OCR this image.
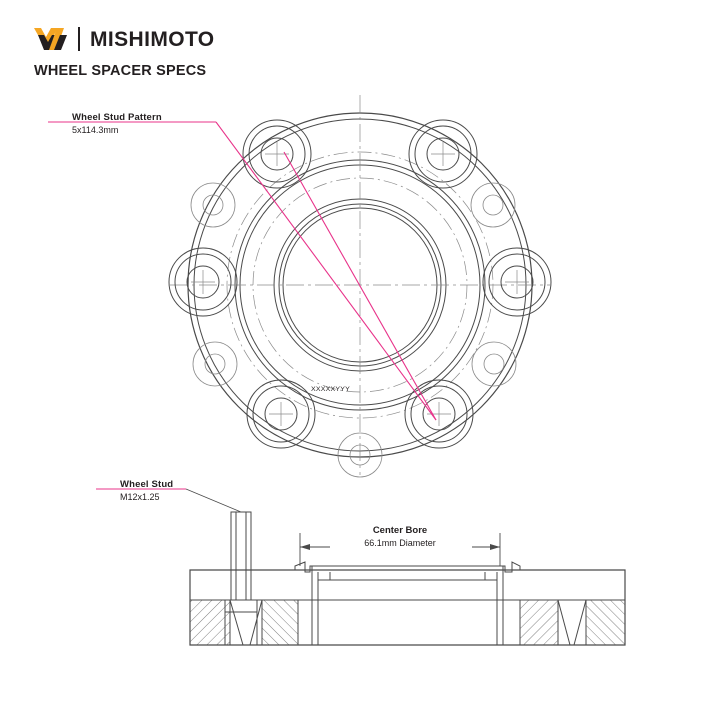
MISHIMOTO
WHEEL SPACER SPECS
Wheel Stud Pattern
5x114.3mm
Wheel Stud
M12x1.25
Center Bore
66.1mm Diameter
XXXXXYYY
